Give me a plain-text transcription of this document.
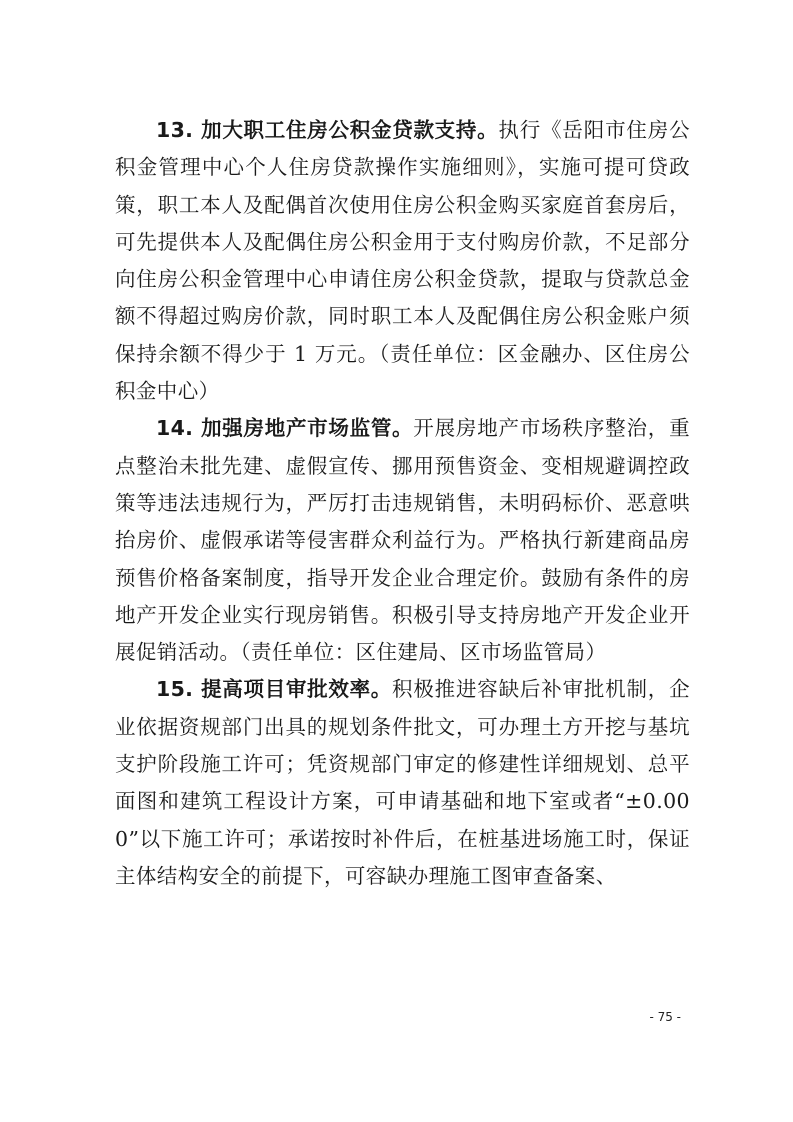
13. 加大职工住房公积金贷款支持。执行《岳阳市住房公积金管理中心个人住房贷款操作实施细则》，实施可提可贷政策，职工本人及配偶首次使用住房公积金购买家庭首套房后，可先提供本人及配偶住房公积金用于支付购房价款，不足部分向住房公积金管理中心申请住房公积金贷款，提取与贷款总金额不得超过购房价款，同时职工本人及配偶住房公积金账户须保持余额不得少于 1 万元。（责任单位：区金融办、区住房公积金中心）

14. 加强房地产市场监管。开展房地产市场秩序整治，重点整治未批先建、虚假宣传、挪用预售资金、变相规避调控政策等违法违规行为，严厉打击违规销售，未明码标价、恶意哄抬房价、虚假承诺等侵害群众利益行为。严格执行新建商品房预售价格备案制度，指导开发企业合理定价。鼓励有条件的房地产开发企业实行现房销售。积极引导支持房地产开发企业开展促销活动。（责任单位：区住建局、区市场监管局）

15. 提高项目审批效率。积极推进容缺后补审批机制，企业依据资规部门出具的规划条件批文，可办理土方开挖与基坑支护阶段施工许可；凭资规部门审定的修建性详细规划、总平面图和建筑工程设计方案，可申请基础和地下室或者“±0.000”以下施工许可；承诺按时补件后，在桩基进场施工时，保证主体结构安全的前提下，可容缺办理施工图审查备案、

- 75 -
